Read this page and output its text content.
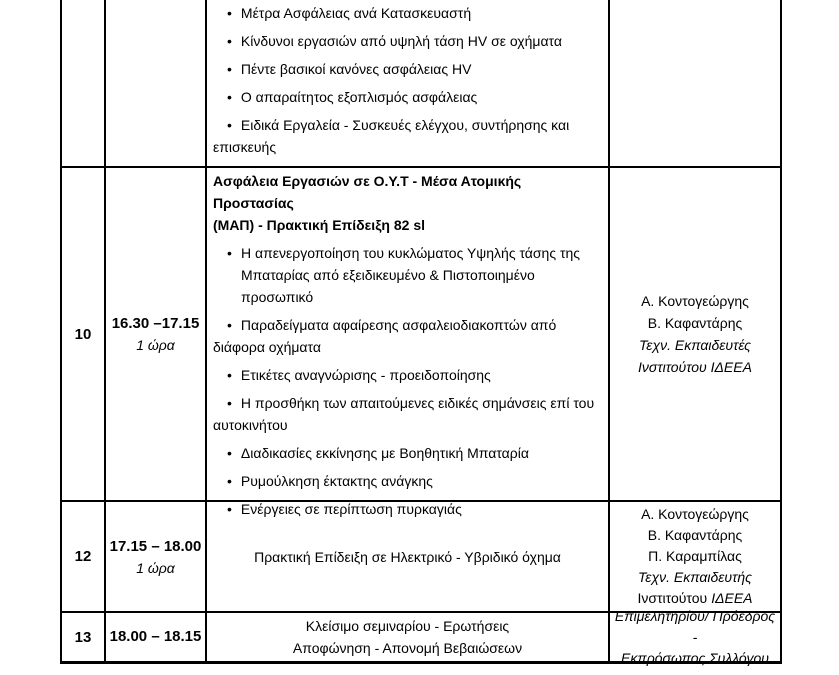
• Μέτρα Ασφάλειας ανά Κατασκευαστή

• Κίνδυνοι εργασιών από υψηλή τάση HV σε οχήματα

• Πέντε βασικοί κανόνες ασφάλειας HV

• Ο απαραίτητος εξοπλισμός ασφάλειας

• Ειδικά Εργαλεία - Συσκευές ελέγχου, συντήρησης και επισκευής

10
16.30 –17.15
1 ώρα

Ασφάλεια Εργασιών σε Ο.Υ.Τ - Μέσα Ατομικής Προστασίας
(ΜΑΠ) - Πρακτική Επίδειξη 82 sl

• Η απενεργοποίηση του κυκλώματος Υψηλής τάσης της Μπαταρίας από εξειδικευμένο & Πιστοποιημένο προσωπικό

• Παραδείγματα αφαίρεσης ασφαλειοδιακοπτών από διάφορα οχήματα

• Ετικέτες αναγνώρισης - προειδοποίησης

• Η προσθήκη των απαιτούμενες ειδικές σημάνσεις επί του αυτοκινήτου

• Διαδικασίες εκκίνησης με Βοηθητική Μπαταρία

• Ρυμούλκηση έκτακτης ανάγκης

• Ενέργειες σε περίπτωση πυρκαγιάς

Α. Κοντογεώργης
Β. Καφαντάρης
Τεχν. Εκπαιδευτές
Ινστιτούτου ΙΔΕΕΑ
12
17.15 – 18.00
1 ώρα
Πρακτική Επίδειξη σε Ηλεκτρικό - Υβριδικό όχημα
Α. Κοντογεώργης
Β. Καφαντάρης
Π. Καραμπίλας
Τεχν. Εκπαιδευτής
Ινστιτούτου ΙΔΕΕΑ
13	18.00 – 18.15
Κλείσιμο σεμιναρίου - Ερωτήσεις
Αποφώνηση - Απονομή Βεβαιώσεων
Επιμελητηρίου/ Πρόεδρος -
Εκπρόσωπος Συλλόγου
